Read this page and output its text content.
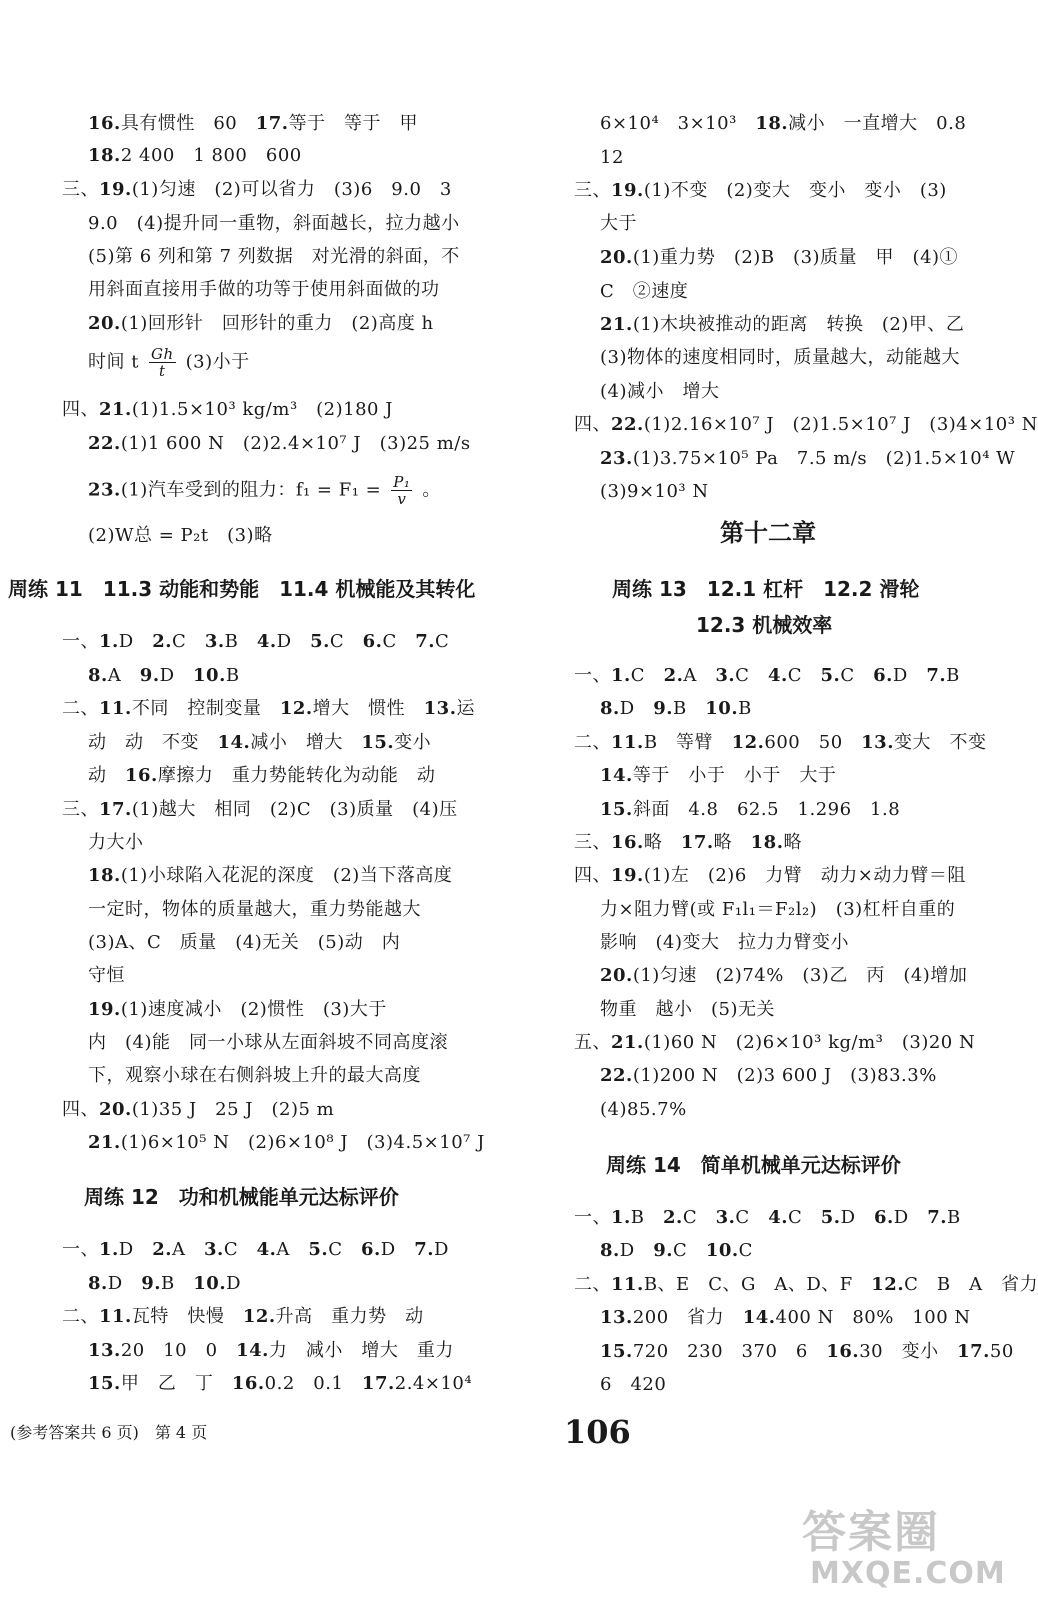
16.具有惯性　60　17.等于　等于　甲
18.2 400　1 800　600
三、19.(1)匀速　(2)可以省力　(3)6　9.0　3
9.0　(4)提升同一重物，斜面越长，拉力越小
(5)第 6 列和第 7 列数据　对光滑的斜面，不
用斜面直接用手做的功等于使用斜面做的功
20.(1)回形针　回形针的重力　(2)高度 h
时间 t $\frac{Gh}{t} (3)$小于
四、21.(1)1.5×10³ kg/m³　(2)180 J
22.(1)1 600 N　(2)2.4×10⁷ J　(3)25 m/s
23.(1)汽车受到的阻力：$f_1 = F_1 = \frac{\text{P₁}}{v}$ 。
(2)W总 = P₂t　(3)略
周练 11　11.3 动能和势能　11.4 机械能及其转化
一、1.D　2.C　3.B　4.D　5.C　6.C　7.C
8.A　9.D　10.B
二、11.不同　控制变量　12.增大　惯性　13.运
动　动　不变　14.减小　增大　15.变小
动　16.摩擦力　重力势能转化为动能　动
三、17.(1)越大　相同　(2)C　(3)质量　(4)压
力大小
18.(1)小球陷入花泥的深度　(2)当下落高度
一定时，物体的质量越大，重力势能越大
(3)A、C　质量　(4)无关　(5)动　内
守恒
19.(1)速度减小　(2)惯性　(3)大于
内　(4)能　同一小球从左面斜坡不同高度滚
下，观察小球在右侧斜坡上升的最大高度
四、20.(1)35 J　25 J　(2)5 m
21.(1)6×10⁵ N　(2)6×10⁸ J　(3)4.5×10⁷ J
周练 12　功和机械能单元达标评价
一、1.D　2.A　3.C　4.A　5.C　6.D　7.D
8.D　9.B　10.D
二、11.瓦特　快慢　12.升高　重力势　动
13.20　10　0　14.力　减小　增大　重力
15.甲　乙　丁　16.0.2　0.1　17.2.4×10⁴
6×10⁴　3×10³　18.减小　一直增大　0.8
12
三、19.(1)不变　(2)变大　变小　变小　(3)
大于
20.(1)重力势　(2)B　(3)质量　甲　(4)①
C　②速度
21.(1)木块被推动的距离　转换　(2)甲、乙
(3)物体的速度相同时，质量越大，动能越大
(4)减小　增大
四、22.(1)2.16×10⁷ J　(2)1.5×10⁷ J　(3)4×10³ N
23.(1)3.75×10⁵ Pa　7.5 m/s　(2)1.5×10⁴ W
(3)9×10³ N
第十二章
周练 13　12.1 杠杆　12.2 滑轮
12.3 机械效率
一、1.C　2.A　3.C　4.C　5.C　6.D　7.B
8.D　9.B　10.B
二、11.B　等臂　12.600　50　13.变大　不变
14.等于　小于　小于　大于
15.斜面　4.8　62.5　1.296　1.8
三、16.略　17.略　18.略
四、19.(1)左　(2)6　力臂　动力×动力臂＝阻
力×阻力臂(或 F₁l₁＝F₂l₂)　(3)杠杆自重的
影响　(4)变大　拉力力臂变小
20.(1)匀速　(2)74%　(3)乙　丙　(4)增加
物重　越小　(5)无关
五、21.(1)60 N　(2)6×10³ kg/m³　(3)20 N
22.(1)200 N　(2)3 600 J　(3)83.3%
(4)85.7%
周练 14　简单机械单元达标评价
一、1.B　2.C　3.C　4.C　5.D　6.D　7.B
8.D　9.C　10.C
二、11.B、E　C、G　A、D、F　12.C　B　A　省力
13.200　省力　14.400 N　80%　100 N
15.720　230　370　6　16.30　变小　17.50
6　420
(参考答案共 6 页)　第 4 页	106
答案圈
MXQE.COM
